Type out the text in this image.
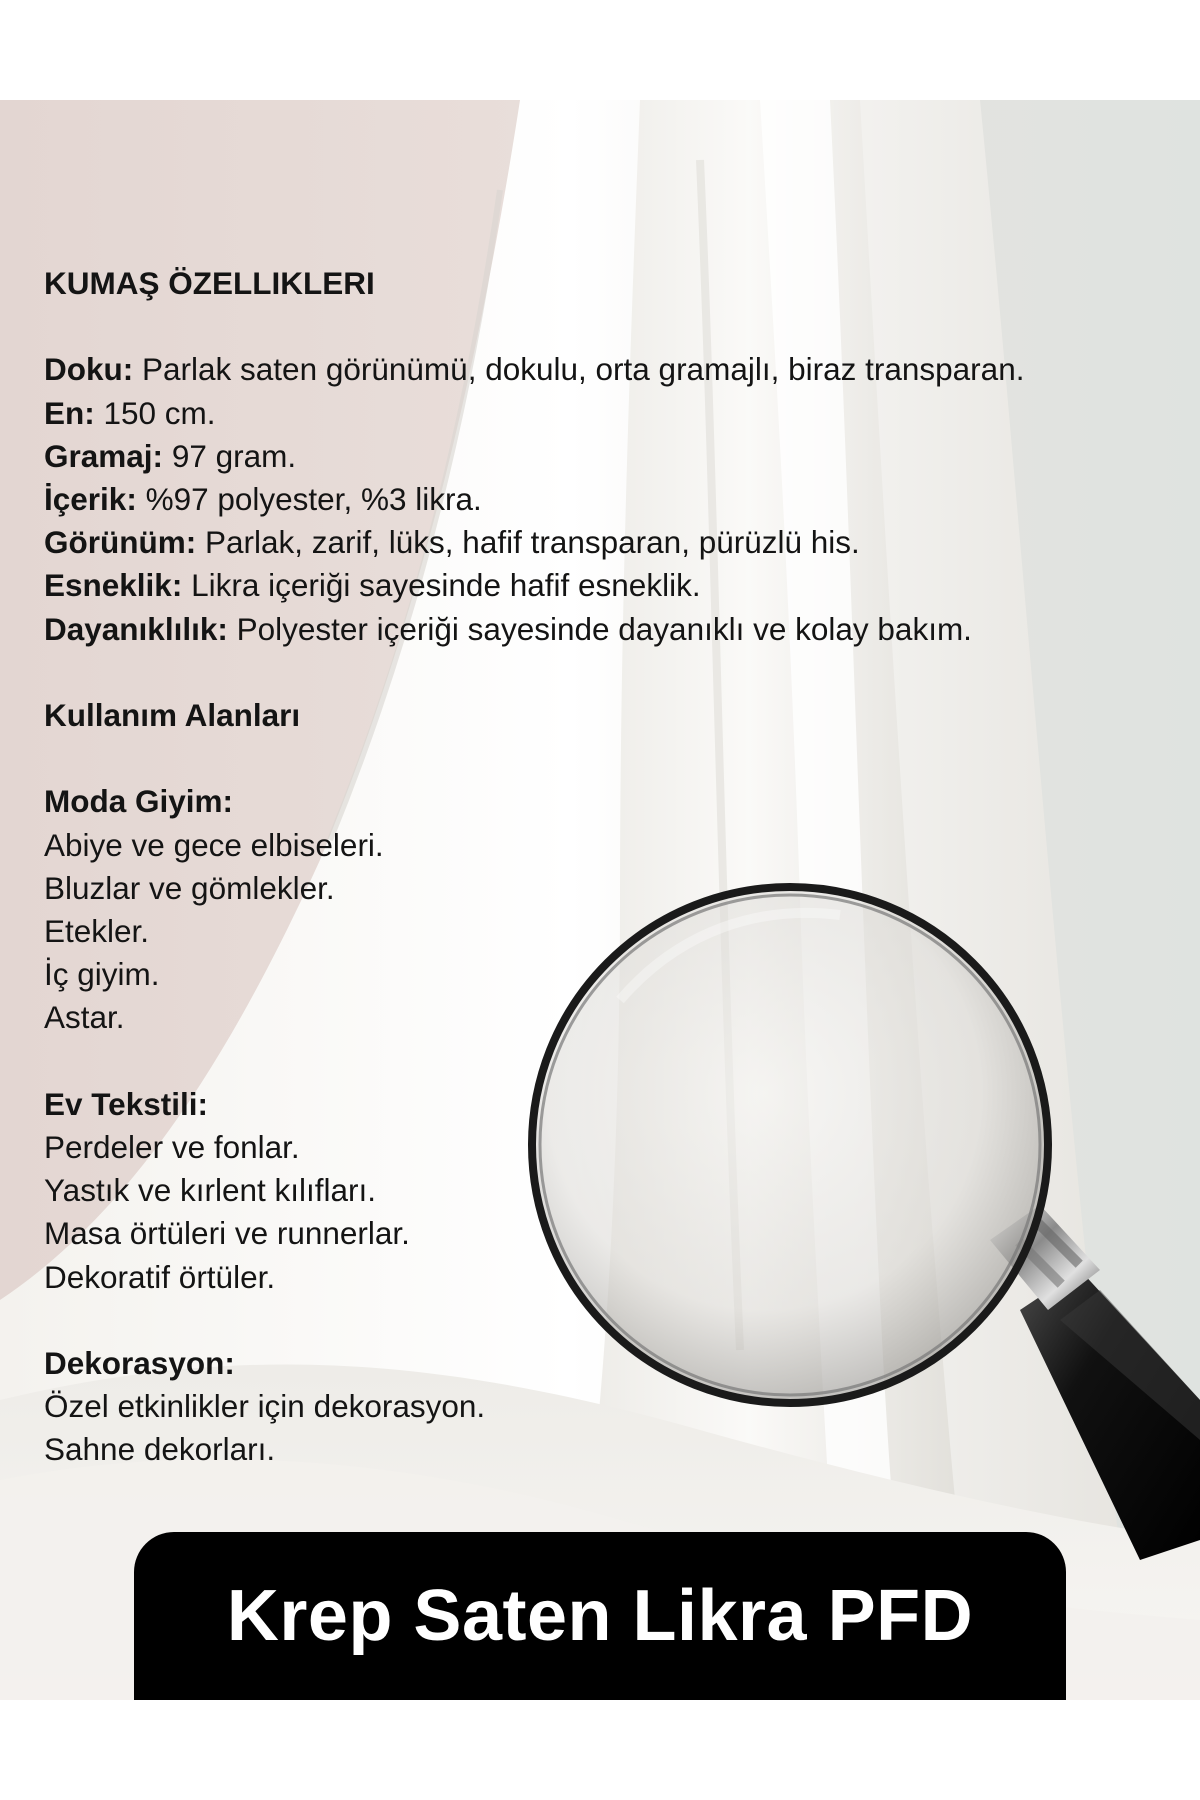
KUMAŞ ÖZELLIKLERI
Doku: Parlak saten görünümü, dokulu, orta gramajlı, biraz transparan.
En: 150 cm.
Gramaj: 97 gram.
İçerik: %97 polyester, %3 likra.
Görünüm: Parlak, zarif, lüks, hafif transparan, pürüzlü his.
Esneklik: Likra içeriği sayesinde hafif esneklik.
Dayanıklılık: Polyester içeriği sayesinde dayanıklı ve kolay bakım.
Kullanım Alanları
Moda Giyim:
Abiye ve gece elbiseleri.
Bluzlar ve gömlekler.
Etekler.
İç giyim.
Astar.
Ev Tekstili:
Perdeler ve fonlar.
Yastık ve kırlent kılıfları.
Masa örtüleri ve runnerlar.
Dekoratif örtüler.
Dekorasyon:
Özel etkinlikler için dekorasyon.
Sahne dekorları.
Krep Saten Likra PFD
